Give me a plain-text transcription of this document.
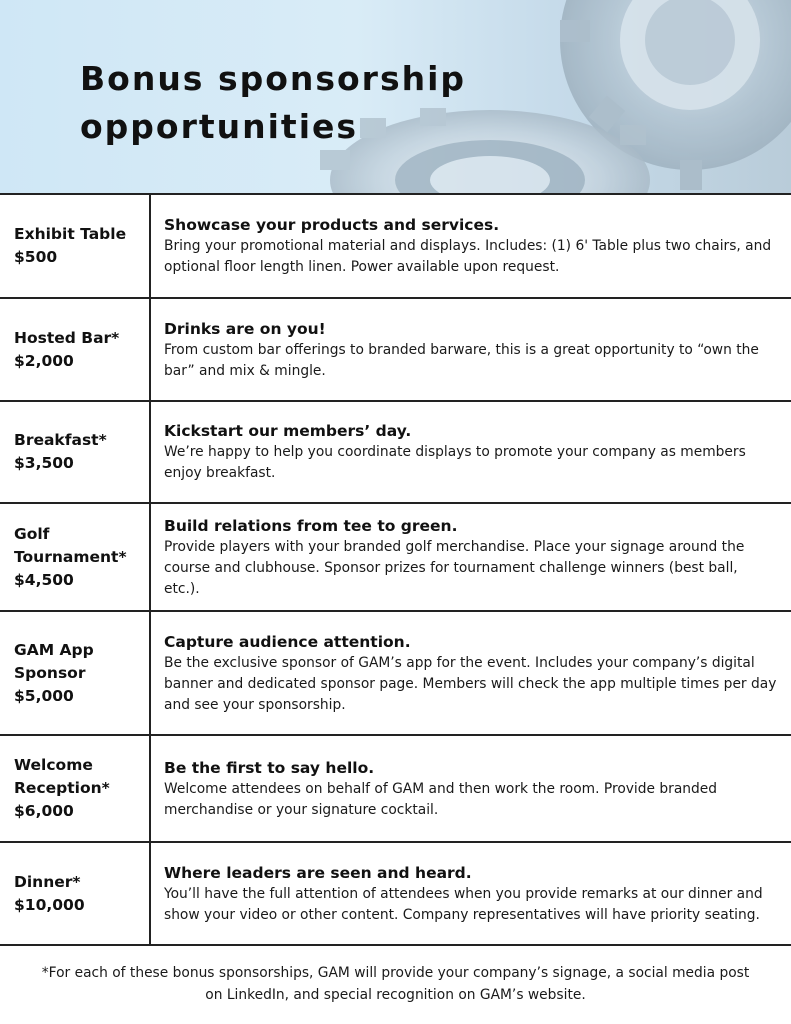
Bonus sponsorship opportunities
Exhibit Table
$500
Showcase your products and services.
Bring your promotional material and displays. Includes: (1) 6' Table plus two chairs, and optional floor length linen. Power available upon request.
Hosted Bar*
$2,000
Drinks are on you!
From custom bar offerings to branded barware, this is a great opportunity to “own the bar” and mix & mingle.
Breakfast*
$3,500
Kickstart our members’ day.
We’re happy to help you coordinate displays to promote your company as members enjoy breakfast.
Golf Tournament*
$4,500
Build relations from tee to green.
Provide players with your branded golf merchandise. Place your signage around the course and clubhouse. Sponsor prizes for tournament challenge winners (best ball, etc.).
GAM App Sponsor
$5,000
Capture audience attention.
Be the exclusive sponsor of GAM’s app for the event. Includes your company’s digital banner and dedicated sponsor page. Members will check the app multiple times per day and see your sponsorship.
Welcome Reception*
$6,000
Be the first to say hello.
Welcome attendees on behalf of GAM and then work the room. Provide branded merchandise or your signature cocktail.
Dinner*
$10,000
Where leaders are seen and heard.
You’ll have the full attention of attendees when you provide remarks at our dinner and show your video or other content. Company representatives will have priority seating.
*For each of these bonus sponsorships, GAM will provide your company’s signage, a social media post on LinkedIn, and special recognition on GAM’s website.
